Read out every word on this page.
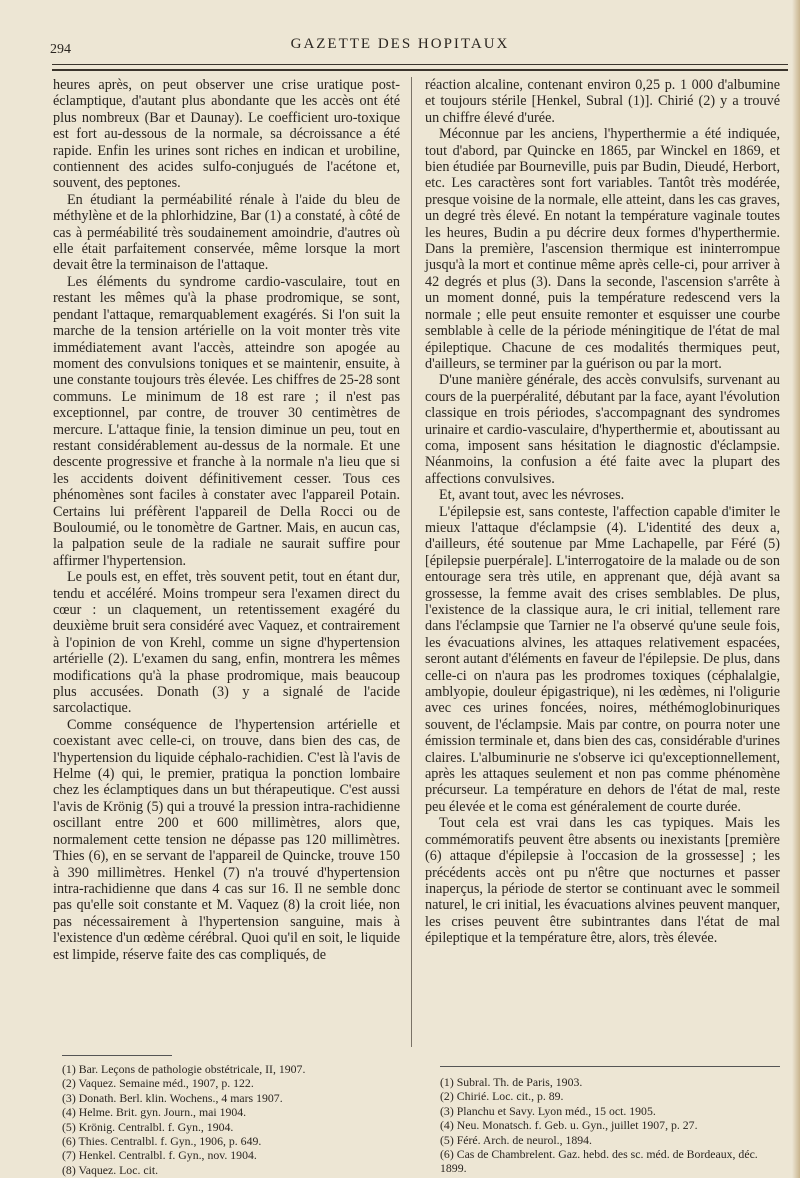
294	GAZETTE DES HOPITAUX

heures après, on peut observer une crise uratique post-éclamptique, d'autant plus abondante que les accès ont été plus nombreux (Bar et Daunay). Le coefficient uro-toxique est fort au-dessous de la normale, sa décroissance a été rapide. Enfin les urines sont riches en indican et urobiline, contiennent des acides sulfo-conjugués de l'acétone et, souvent, des peptones.

En étudiant la perméabilité rénale à l'aide du bleu de méthylène et de la phlorhidzine, Bar (1) a constaté, à côté de cas à perméabilité très soudainement amoindrie, d'autres où elle était parfaitement conservée, même lorsque la mort devait être la terminaison de l'attaque.

Les éléments du syndrome cardio-vasculaire, tout en restant les mêmes qu'à la phase prodromique, se sont, pendant l'attaque, remarquablement exagérés. Si l'on suit la marche de la tension artérielle on la voit monter très vite immédiatement avant l'accès, atteindre son apogée au moment des convulsions toniques et se maintenir, ensuite, à une constante toujours très élevée. Les chiffres de 25-28 sont communs. Le minimum de 18 est rare ; il n'est pas exceptionnel, par contre, de trouver 30 centimètres de mercure. L'attaque finie, la tension diminue un peu, tout en restant considérablement au-dessus de la normale. Et une descente progressive et franche à la normale n'a lieu que si les accidents doivent définitivement cesser. Tous ces phénomènes sont faciles à constater avec l'appareil Potain. Certains lui préfèrent l'appareil de Della Rocci ou de Bouloumié, ou le tonomètre de Gartner. Mais, en aucun cas, la palpation seule de la radiale ne saurait suffire pour affirmer l'hypertension.

Le pouls est, en effet, très souvent petit, tout en étant dur, tendu et accéléré. Moins trompeur sera l'examen direct du cœur : un claquement, un retentissement exagéré du deuxième bruit sera considéré avec Vaquez, et contrairement à l'opinion de von Krehl, comme un signe d'hypertension artérielle (2). L'examen du sang, enfin, montrera les mêmes modifications qu'à la phase prodromique, mais beaucoup plus accusées. Donath (3) y a signalé de l'acide sarcolactique.

Comme conséquence de l'hypertension artérielle et coexistant avec celle-ci, on trouve, dans bien des cas, de l'hypertension du liquide céphalo-rachidien. C'est là l'avis de Helme (4) qui, le premier, pratiqua la ponction lombaire chez les éclamptiques dans un but thérapeutique. C'est aussi l'avis de Krönig (5) qui a trouvé la pression intra-rachidienne oscillant entre 200 et 600 millimètres, alors que, normalement cette tension ne dépasse pas 120 millimètres. Thies (6), en se servant de l'appareil de Quincke, trouve 150 à 390 millimètres. Henkel (7) n'a trouvé d'hypertension intra-rachidienne que dans 4 cas sur 16. Il ne semble donc pas qu'elle soit constante et M. Vaquez (8) la croit liée, non pas nécessairement à l'hypertension sanguine, mais à l'existence d'un œdème cérébral. Quoi qu'il en soit, le liquide est limpide, réserve faite des cas compliqués, de

réaction alcaline, contenant environ 0,25 p. 1 000 d'albumine et toujours stérile [Henkel, Subral (1)]. Chirié (2) y a trouvé un chiffre élevé d'urée.

Méconnue par les anciens, l'hyperthermie a été indiquée, tout d'abord, par Quincke en 1865, par Winckel en 1869, et bien étudiée par Bourneville, puis par Budin, Dieudé, Herbort, etc. Les caractères sont fort variables. Tantôt très modérée, presque voisine de la normale, elle atteint, dans les cas graves, un degré très élevé. En notant la température vaginale toutes les heures, Budin a pu décrire deux formes d'hyperthermie. Dans la première, l'ascension thermique est ininterrompue jusqu'à la mort et continue même après celle-ci, pour arriver à 42 degrés et plus (3). Dans la seconde, l'ascension s'arrête à un moment donné, puis la température redescend vers la normale ; elle peut ensuite remonter et esquisser une courbe semblable à celle de la période méningitique de l'état de mal épileptique. Chacune de ces modalités thermiques peut, d'ailleurs, se terminer par la guérison ou par la mort.

D'une manière générale, des accès convulsifs, survenant au cours de la puerpéralité, débutant par la face, ayant l'évolution classique en trois périodes, s'accompagnant des syndromes urinaire et cardio-vasculaire, d'hyperthermie et, aboutissant au coma, imposent sans hésitation le diagnostic d'éclampsie. Néanmoins, la confusion a été faite avec la plupart des affections convulsives.

Et, avant tout, avec les névroses.

L'épilepsie est, sans conteste, l'affection capable d'imiter le mieux l'attaque d'éclampsie (4). L'identité des deux a, d'ailleurs, été soutenue par Mme Lachapelle, par Féré (5) [épilepsie puerpérale]. L'interrogatoire de la malade ou de son entourage sera très utile, en apprenant que, déjà avant sa grossesse, la femme avait des crises semblables. De plus, l'existence de la classique aura, le cri initial, tellement rare dans l'éclampsie que Tarnier ne l'a observé qu'une seule fois, les évacuations alvines, les attaques relativement espacées, seront autant d'éléments en faveur de l'épilepsie. De plus, dans celle-ci on n'aura pas les prodromes toxiques (céphalalgie, amblyopie, douleur épigastrique), ni les œdèmes, ni l'oligurie avec ces urines foncées, noires, méthémoglobinuriques souvent, de l'éclampsie. Mais par contre, on pourra noter une émission terminale et, dans bien des cas, considérable d'urines claires. L'albuminurie ne s'observe ici qu'exceptionnellement, après les attaques seulement et non pas comme phénomène précurseur. La température en dehors de l'état de mal, reste peu élevée et le coma est généralement de courte durée.

Tout cela est vrai dans les cas typiques. Mais les commémoratifs peuvent être absents ou inexistants [première (6) attaque d'épilepsie à l'occasion de la grossesse] ; les précédents accès ont pu n'être que nocturnes et passer inaperçus, la période de stertor se continuant avec le sommeil naturel, le cri initial, les évacuations alvines peuvent manquer, les crises peuvent être subintrantes dans l'état de mal épileptique et la température être, alors, très élevée.

(1) Bar. Leçons de pathologie obstétricale, II, 1907.
(2) Vaquez. Semaine méd., 1907, p. 122.
(3) Donath. Berl. klin. Wochens., 4 mars 1907.
(4) Helme. Brit. gyn. Journ., mai 1904.
(5) Krönig. Centralbl. f. Gyn., 1904.
(6) Thies. Centralbl. f. Gyn., 1906, p. 649.
(7) Henkel. Centralbl. f. Gyn., nov. 1904.
(8) Vaquez. Loc. cit.
(1) Subral. Th. de Paris, 1903.
(2) Chirié. Loc. cit., p. 89.
(3) Planchu et Savy. Lyon méd., 15 oct. 1905.
(4) Neu. Monatsch. f. Geb. u. Gyn., juillet 1907, p. 27.
(5) Féré. Arch. de neurol., 1894.
(6) Cas de Chambrelent. Gaz. hebd. des sc. méd. de Bordeaux, déc. 1899.
